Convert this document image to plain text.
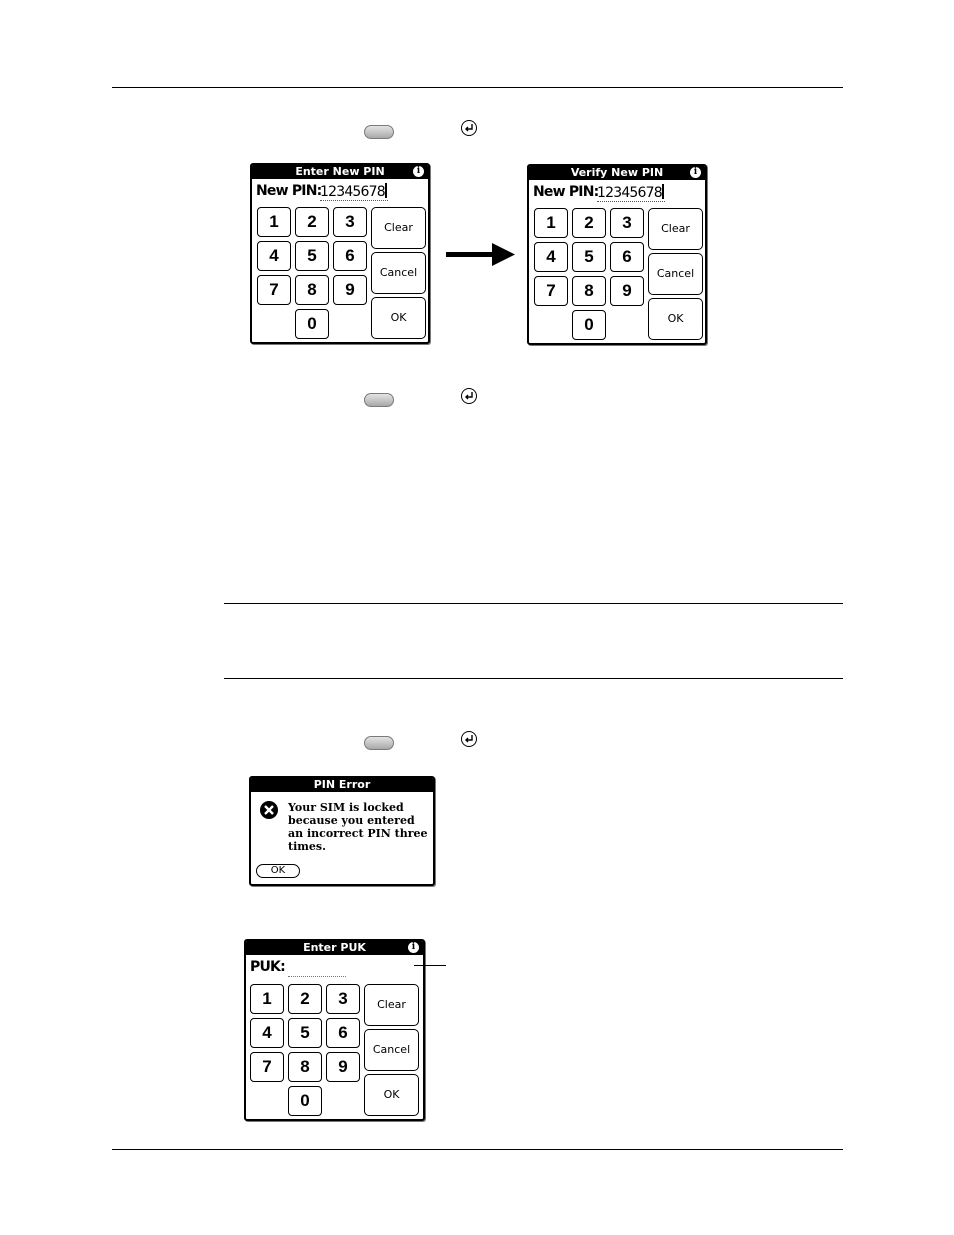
Enter New PIN	i
New PIN:
12345678
1	2	3
4	5	6
7	8	9
0
Clear
Cancel
OK
Verify New PIN	i
New PIN:
12345678
1	2	3
4	5	6
7	8	9
0
Clear
Cancel
OK
PIN Error
Your SIM is locked because you entered an incorrect PIN three times.
OK
Enter PUK	i
PUK:
1	2	3
4	5	6
7	8	9
0
Clear
Cancel
OK
